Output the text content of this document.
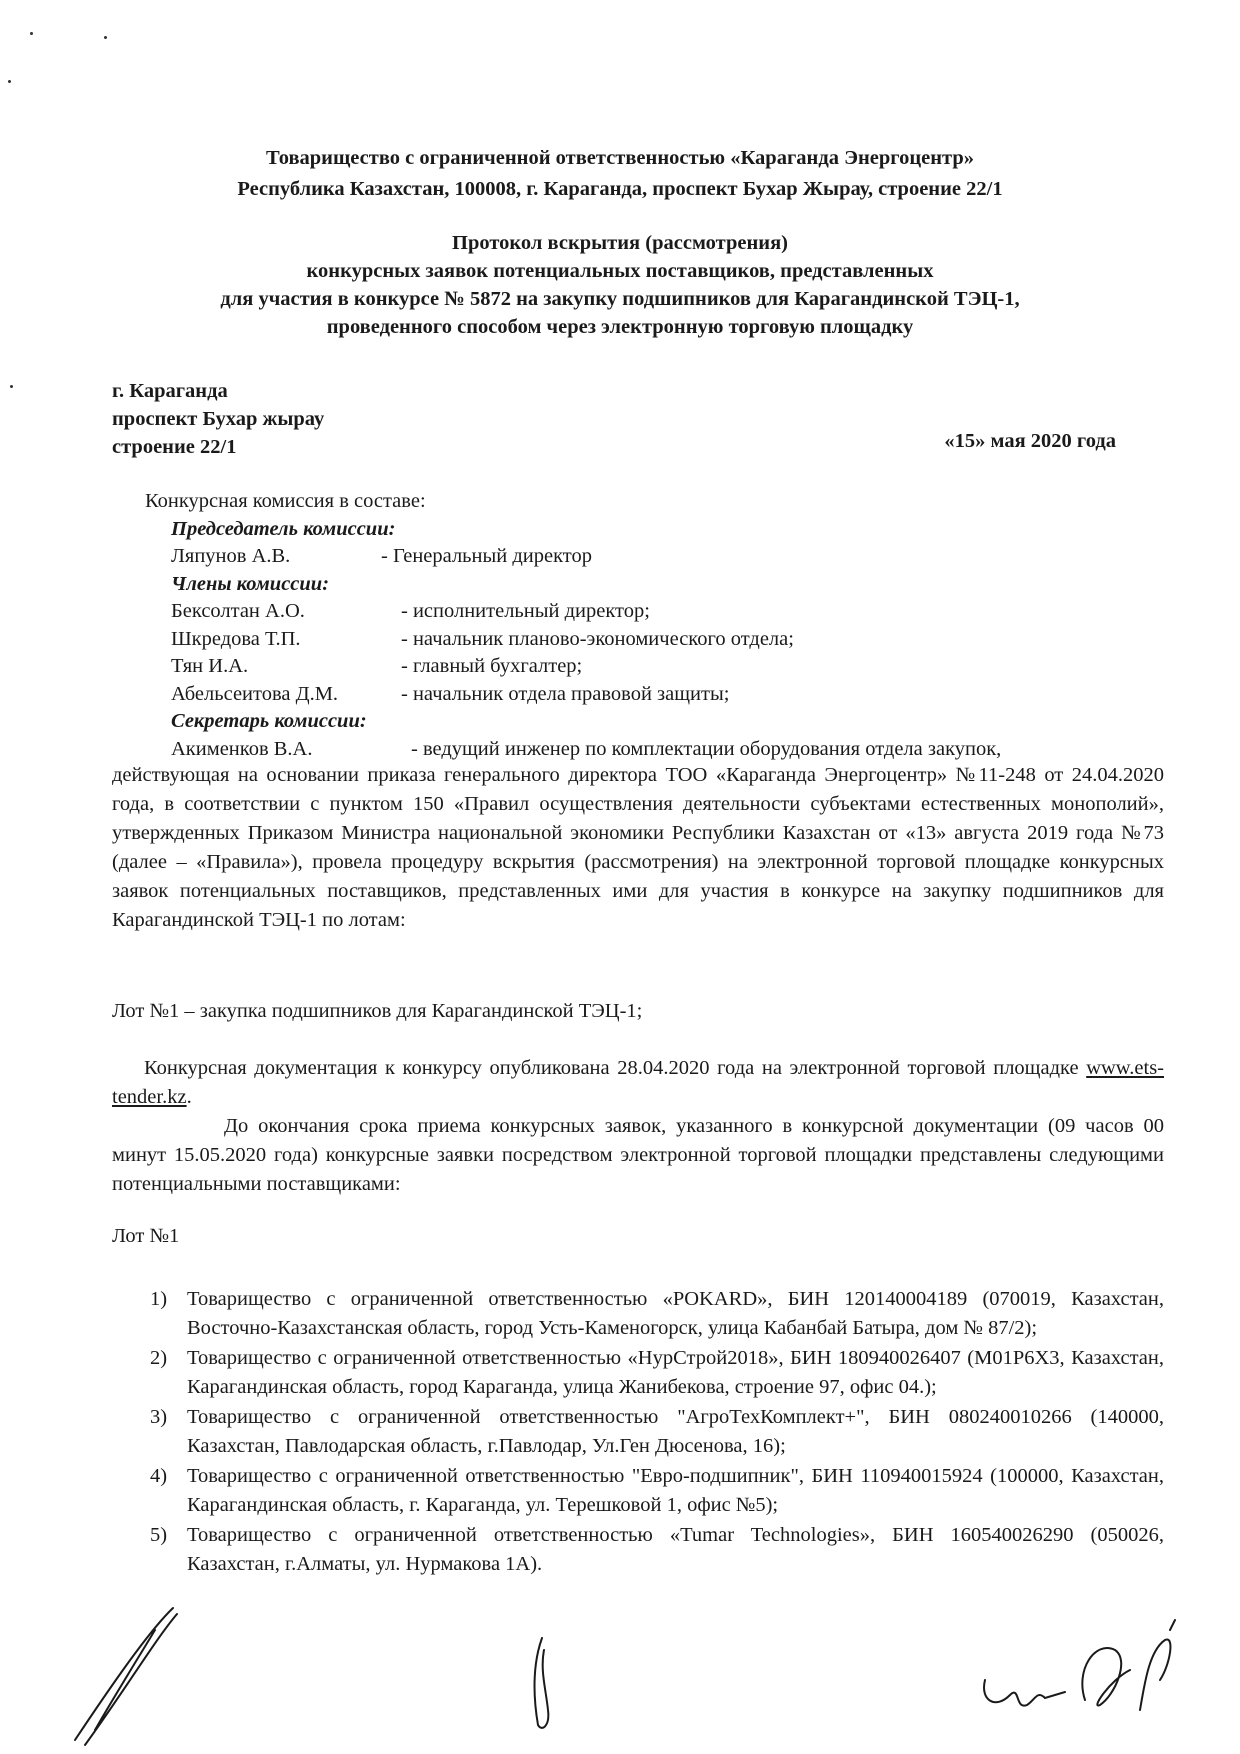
Товарищество с ограниченной ответственностью «Караганда Энергоцентр»
Республика Казахстан, 100008, г. Караганда, проспект Бухар Жырау, строение 22/1
Протокол вскрытия (рассмотрения)
конкурсных заявок потенциальных поставщиков, представленных
для участия в конкурсе № 5872 на закупку подшипников для Карагандинской ТЭЦ-1,
проведенного способом через электронную торговую площадку
г. Караганда
проспект Бухар жырау
строение 22/1	«15» мая 2020 года
Конкурсная комиссия в составе:
Председатель комиссии:
Ляпунов А.В.	- Генеральный директор
Члены комиссии:
Бексолтан А.О.	- исполнительный директор;
Шкредова Т.П.	- начальник планово-экономического отдела;
Тян И.А.	- главный бухгалтер;
Абельсеитова Д.М.	- начальник отдела правовой защиты;
Секретарь комиссии:
Акименков В.А.	- ведущий инженер по комплектации оборудования отдела закупок,
действующая на основании приказа генерального директора ТОО «Караганда Энергоцентр» №11-248 от 24.04.2020 года, в соответствии с пунктом 150 «Правил осуществления деятельности субъектами естественных монополий», утвержденных Приказом Министра национальной экономики Республики Казахстан от «13» августа 2019 года №73 (далее – «Правила»), провела процедуру вскрытия (рассмотрения) на электронной торговой площадке конкурсных заявок потенциальных поставщиков, представленных ими для участия в конкурсе на закупку подшипников для Карагандинской ТЭЦ-1 по лотам:
Лот №1 – закупка подшипников для Карагандинской ТЭЦ-1;
Конкурсная документация к конкурсу опубликована 28.04.2020 года на электронной торговой площадке www.ets-tender.kz.
До окончания срока приема конкурсных заявок, указанного в конкурсной документации (09 часов 00 минут 15.05.2020 года) конкурсные заявки посредством электронной торговой площадки представлены следующими потенциальными поставщиками:
Лот №1
1) Товарищество с ограниченной ответственностью «POKARD», БИН 120140004189 (070019, Казахстан, Восточно-Казахстанская область, город Усть-Каменогорск, улица Кабанбай Батыра, дом № 87/2);
2) Товарищество с ограниченной ответственностью «НурСтрой2018», БИН 180940026407 (M01P6X3, Казахстан, Карагандинская область, город Караганда, улица Жанибекова, строение 97, офис 04.);
3) Товарищество с ограниченной ответственностью "АгроТехКомплект+", БИН 080240010266 (140000, Казахстан, Павлодарская область, г.Павлодар, Ул.Ген Дюсенова, 16);
4) Товарищество с ограниченной ответственностью "Евро-подшипник", БИН 110940015924 (100000, Казахстан, Карагандинская область, г. Караганда, ул. Терешковой 1, офис №5);
5) Товарищество с ограниченной ответственностью «Tumar Technologies», БИН 160540026290 (050026, Казахстан, г.Алматы, ул. Нурмакова 1А).
